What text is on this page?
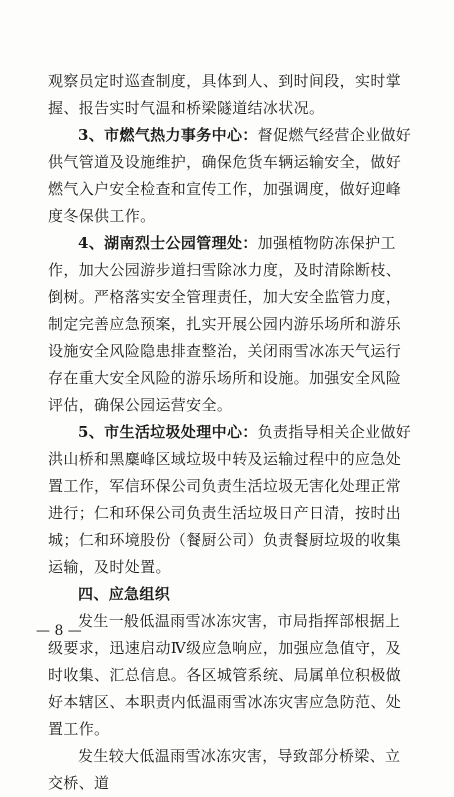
观察员定时巡查制度，具体到人、到时间段，实时掌握、报告实时气温和桥梁隧道结冰状况。

3、市燃气热力事务中心：督促燃气经营企业做好供气管道及设施维护，确保危货车辆运输安全，做好燃气入户安全检查和宣传工作，加强调度，做好迎峰度冬保供工作。

4、湖南烈士公园管理处：加强植物防冻保护工作，加大公园游步道扫雪除冰力度，及时清除断枝、倒树。严格落实安全管理责任，加大安全监管力度，制定完善应急预案，扎实开展公园内游乐场所和游乐设施安全风险隐患排查整治，关闭雨雪冰冻天气运行存在重大安全风险的游乐场所和设施。加强安全风险评估，确保公园运营安全。

5、市生活垃圾处理中心：负责指导相关企业做好洪山桥和黑麋峰区域垃圾中转及运输过程中的应急处置工作，军信环保公司负责生活垃圾无害化处理正常进行；仁和环保公司负责生活垃圾日产日清，按时出城；仁和环境股份（餐厨公司）负责餐厨垃圾的收集运输，及时处置。

四、应急组织

发生一般低温雨雪冰冻灾害，市局指挥部根据上级要求，迅速启动Ⅳ级应急响应，加强应急值守，及时收集、汇总信息。各区城管系统、局属单位积极做好本辖区、本职责内低温雨雪冰冻灾害应急防范、处置工作。

发生较大低温雨雪冰冻灾害，导致部分桥梁、立交桥、道

— 8 —
